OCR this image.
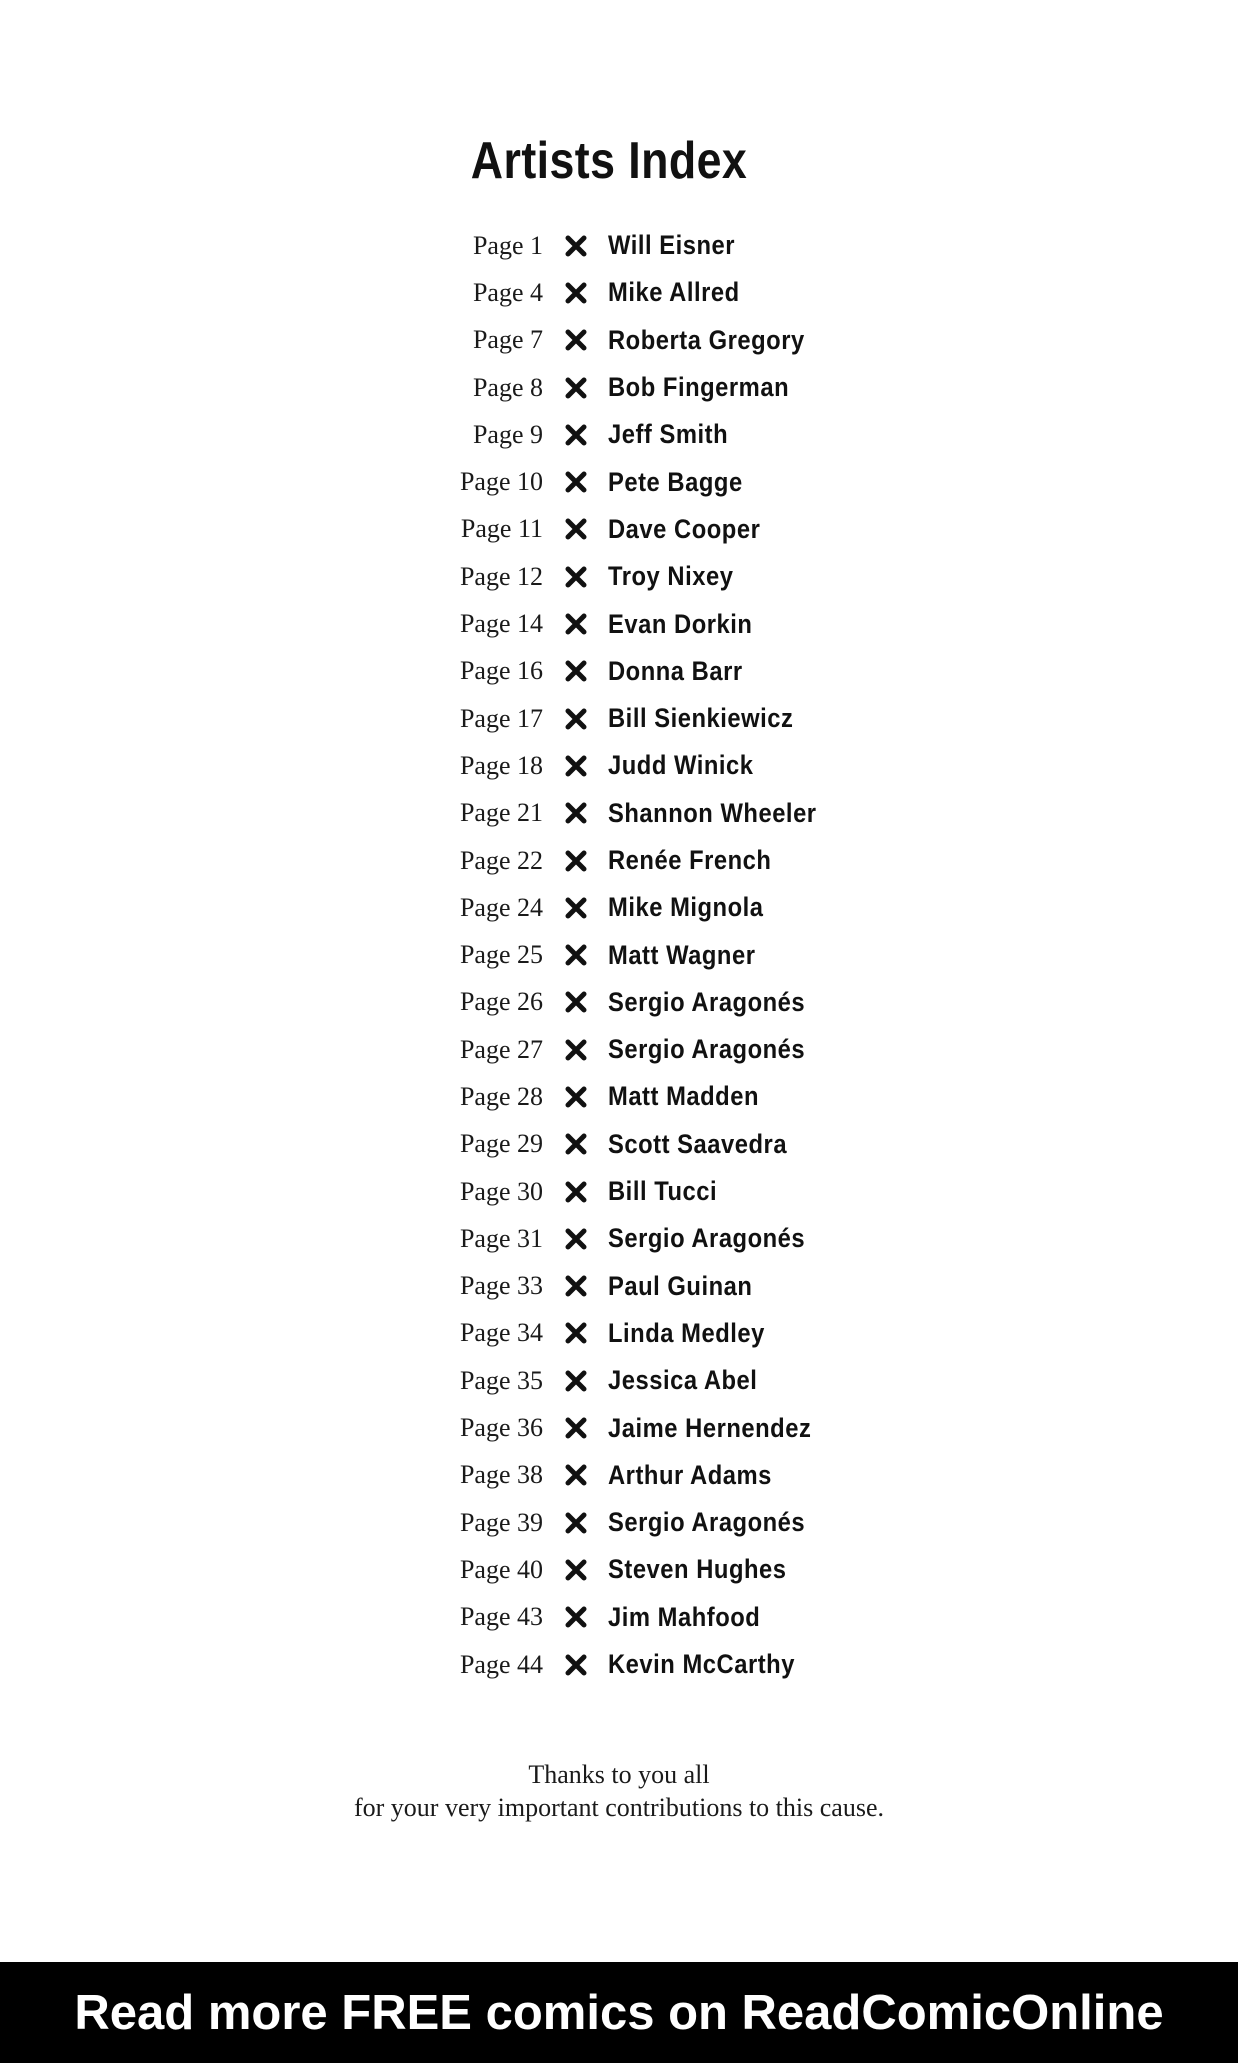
Artists Index
Page 1 Will Eisner
Page 4 Mike Allred
Page 7 Roberta Gregory
Page 8 Bob Fingerman
Page 9 Jeff Smith
Page 10 Pete Bagge
Page 11 Dave Cooper
Page 12 Troy Nixey
Page 14 Evan Dorkin
Page 16 Donna Barr
Page 17 Bill Sienkiewicz
Page 18 Judd Winick
Page 21 Shannon Wheeler
Page 22 Renée French
Page 24 Mike Mignola
Page 25 Matt Wagner
Page 26 Sergio Aragonés
Page 27 Sergio Aragonés
Page 28 Matt Madden
Page 29 Scott Saavedra
Page 30 Bill Tucci
Page 31 Sergio Aragonés
Page 33 Paul Guinan
Page 34 Linda Medley
Page 35 Jessica Abel
Page 36 Jaime Hernendez
Page 38 Arthur Adams
Page 39 Sergio Aragonés
Page 40 Steven Hughes
Page 43 Jim Mahfood
Page 44 Kevin McCarthy
Thanks to you all
for your very important contributions to this cause.
Read more FREE comics on ReadComicOnline
